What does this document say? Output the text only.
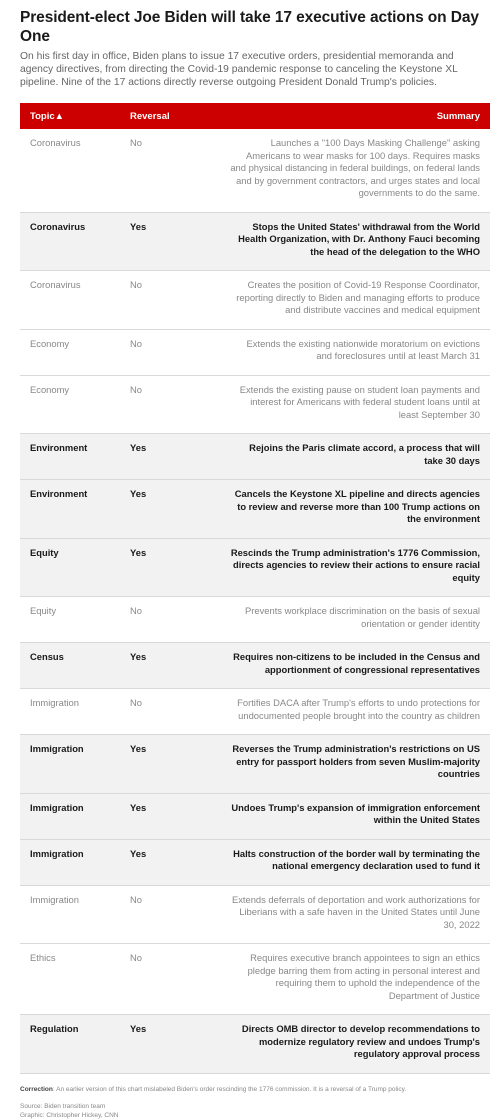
President-elect Joe Biden will take 17 executive actions on Day One

On his first day in office, Biden plans to issue 17 executive orders, presidential memoranda and agency directives, from directing the Covid-19 pandemic response to canceling the Keystone XL pipeline. Nine of the 17 actions directly reverse outgoing President Donald Trump's policies.

Topic▲	Reversal	Summary
Coronavirus	No	Launches a "100 Days Masking Challenge" asking Americans to wear masks for 100 days. Requires masks and physical distancing in federal buildings, on federal lands and by government contractors, and urges states and local governments to do the same.
Coronavirus	Yes	Stops the United States' withdrawal from the World Health Organization, with Dr. Anthony Fauci becoming the head of the delegation to the WHO
Coronavirus	No	Creates the position of Covid-19 Response Coordinator, reporting directly to Biden and managing efforts to produce and distribute vaccines and medical equipment
Economy	No	Extends the existing nationwide moratorium on evictions and foreclosures until at least March 31
Economy	No	Extends the existing pause on student loan payments and interest for Americans with federal student loans until at least September 30
Environment	Yes	Rejoins the Paris climate accord, a process that will take 30 days
Environment	Yes	Cancels the Keystone XL pipeline and directs agencies to review and reverse more than 100 Trump actions on the environment
Equity	Yes	Rescinds the Trump administration's 1776 Commission, directs agencies to review their actions to ensure racial equity
Equity	No	Prevents workplace discrimination on the basis of sexual orientation or gender identity
Census	Yes	Requires non-citizens to be included in the Census and apportionment of congressional representatives
Immigration	No	Fortifies DACA after Trump's efforts to undo protections for undocumented people brought into the country as children
Immigration	Yes	Reverses the Trump administration's restrictions on US entry for passport holders from seven Muslim-majority countries
Immigration	Yes	Undoes Trump's expansion of immigration enforcement within the United States
Immigration	Yes	Halts construction of the border wall by terminating the national emergency declaration used to fund it
Immigration	No	Extends deferrals of deportation and work authorizations for Liberians with a safe haven in the United States until June 30, 2022
Ethics	No	Requires executive branch appointees to sign an ethics pledge barring them from acting in personal interest and requiring them to uphold the independence of the Department of Justice
Regulation	Yes	Directs OMB director to develop recommendations to modernize regulatory review and undoes Trump's regulatory approval process

Correction: An earlier version of this chart mislabeled Biden's order rescinding the 1776 commission. It is a reversal of a Trump policy.

Source: Biden transition team

Graphic: Christopher Hickey, CNN
